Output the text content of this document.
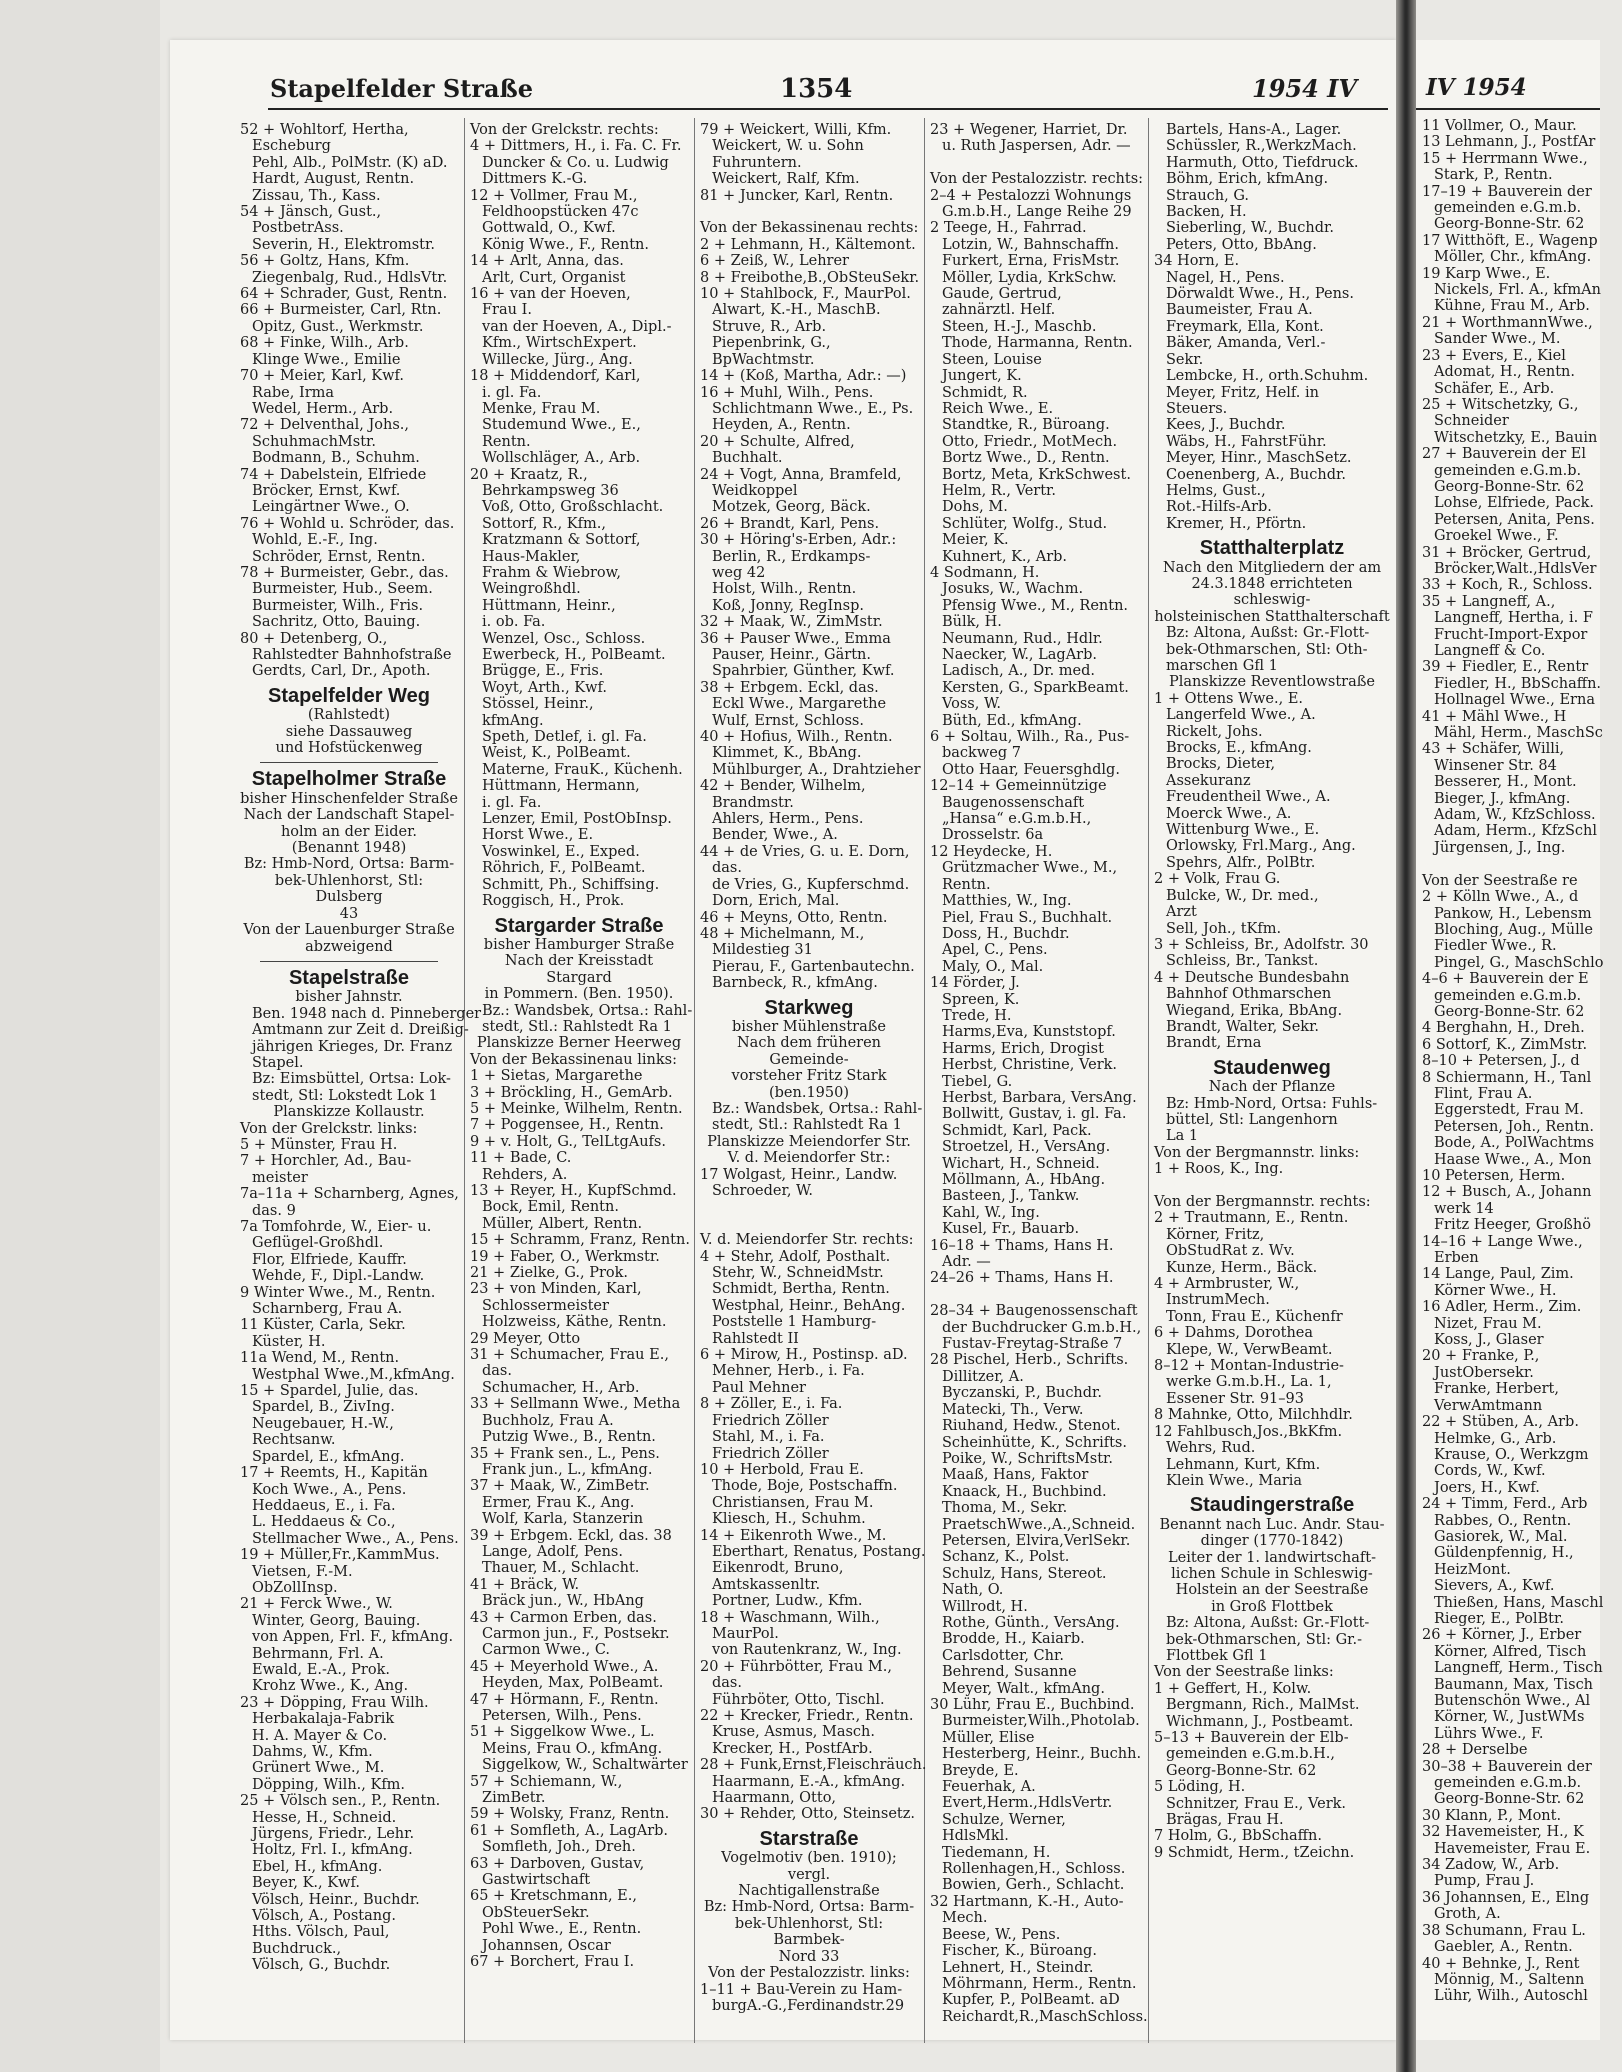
IV 1954
11 Vollmer, O., Maur.
13 Lehmann, J., PostfAr
15 + Herrmann Wwe.,
Stark, P., Rentn.
17–19 + Bauverein der
gemeinden e.G.m.b.
Georg-Bonne-Str. 62
17 Witthöft, E., Wagenp
Möller, Chr., kfmAng.
19 Karp Wwe., E.
Nickels, Frl. A., kfmAn
Kühne, Frau M., Arb.
21 + WorthmannWwe.,
Sander Wwe., M.
23 + Evers, E., Kiel
Adomat, H., Rentn.
Schäfer, E., Arb.
25 + Witschetzky, G.,
Schneider
Witschetzky, E., Bauin
27 + Bauverein der El
gemeinden e.G.m.b.
Georg-Bonne-Str. 62
Lohse, Elfriede, Pack.
Petersen, Anita, Pens.
Groekel Wwe., F.
31 + Bröcker, Gertrud,
Bröcker,Walt.,HdlsVer
33 + Koch, R., Schloss.
35 + Langneff, A.,
Langneff, Hertha, i. F
Frucht-Import-Expor
Langneff & Co.
39 + Fiedler, E., Rentr
Fiedler, H., BbSchaffn.
Hollnagel Wwe., Erna
41 + Mähl Wwe., H
Mähl, Herm., MaschSc
43 + Schäfer, Willi,
Winsener Str. 84
Besserer, H., Mont.
Bieger, J., kfmAng.
Adam, W., KfzSchloss.
Adam, Herm., KfzSchl
Jürgensen, J., Ing.

Von der Seestraße re
2 + Kölln Wwe., A., d
Pankow, H., Lebensm
Bloching, Aug., Mülle
Fiedler Wwe., R.
Pingel, G., MaschSchlo
4–6 + Bauverein der E
gemeinden e.G.m.b.
Georg-Bonne-Str. 62
4 Berghahn, H., Dreh.
6 Sottorf, K., ZimMstr.
8–10 + Petersen, J., d
8 Schiermann, H., Tanl
Flint, Frau A.
Eggerstedt, Frau M.
Petersen, Joh., Rentn.
Bode, A., PolWachtms
Haase Wwe., A., Mon
10 Petersen, Herm.
12 + Busch, A., Johann
werk 14
Fritz Heeger, Großhö
14–16 + Lange Wwe.,
Erben
14 Lange, Paul, Zim.
Körner Wwe., H.
16 Adler, Herm., Zim.
Nizet, Frau M.
Koss, J., Glaser
20 + Franke, P.,
JustObersekr.
Franke, Herbert,
VerwAmtmann
22 + Stüben, A., Arb.
Helmke, G., Arb.
Krause, O., Werkzgm
Cords, W., Kwf.
Joers, H., Kwf.
24 + Timm, Ferd., Arb
Rabbes, O., Rentn.
Gasiorek, W., Mal.
Güldenpfennig, H.,
HeizMont.
Sievers, A., Kwf.
Thießen, Hans, Maschl
Rieger, E., PolBtr.
26 + Körner, J., Erber
Körner, Alfred, Tisch
Langneff, Herm., Tisch
Baumann, Max, Tisch
Butenschön Wwe., Al
Körner, W., JustWMs
Lührs Wwe., F.
28 + Derselbe
30–38 + Bauverein der
gemeinden e.G.m.b.
Georg-Bonne-Str. 62
30 Klann, P., Mont.
32 Havemeister, H., K
Havemeister, Frau E.
34 Zadow, W., Arb.
Pump, Frau J.
36 Johannsen, E., Elng
Groth, A.
38 Schumann, Frau L.
Gaebler, A., Rentn.
40 + Behnke, J., Rent
Mönnig, M., Saltenn
Lühr, Wilh., Autoschl
Stapelfelder Straße	1354	1954 IV
52 + Wohltorf, Hertha,
Escheburg
Pehl, Alb., PolMstr. (K) aD.
Hardt, August, Rentn.
Zissau, Th., Kass.
54 + Jänsch, Gust.,
PostbetrAss.
Severin, H., Elektromstr.
56 + Goltz, Hans, Kfm.
Ziegenbalg, Rud., HdlsVtr.
64 + Schrader, Gust, Rentn.
66 + Burmeister, Carl, Rtn.
Opitz, Gust., Werkmstr.
68 + Finke, Wilh., Arb.
Klinge Wwe., Emilie
70 + Meier, Karl, Kwf.
Rabe, Irma
Wedel, Herm., Arb.
72 + Delventhal, Johs.,
SchuhmachMstr.
Bodmann, B., Schuhm.
74 + Dabelstein, Elfriede
Bröcker, Ernst, Kwf.
Leingärtner Wwe., O.
76 + Wohld u. Schröder, das.
Wohld, E.-F., Ing.
Schröder, Ernst, Rentn.
78 + Burmeister, Gebr., das.
Burmeister, Hub., Seem.
Burmeister, Wilh., Fris.
Sachritz, Otto, Bauing.
80 + Detenberg, O.,
Rahlstedter Bahnhofstraße
Gerdts, Carl, Dr., Apoth.
Stapelfelder Weg
(Rahlstedt)
siehe Dassauweg
und Hofstückenweg
Stapelholmer Straße
bisher Hinschenfelder Straße
Nach der Landschaft Stapel-
holm an der Eider.
(Benannt 1948)
Bz: Hmb-Nord, Ortsa: Barm-
bek-Uhlenhorst, Stl: Dulsberg
43
Von der Lauenburger Straße
abzweigend
Stapelstraße
bisher Jahnstr.
Ben. 1948 nach d. Pinneberger
Amtmann zur Zeit d. Dreißig-
jährigen Krieges, Dr. Franz
Stapel.
Bz: Eimsbüttel, Ortsa: Lok-
stedt, Stl: Lokstedt Lok 1
Planskizze Kollaustr.
Von der Grelckstr. links:
5 + Münster, Frau H.
7 + Horchler, Ad., Bau-
meister
7a–11a + Scharnberg, Agnes,
das. 9
7a Tomfohrde, W., Eier- u.
Geflügel-Großhdl.
Flor, Elfriede, Kauffr.
Wehde, F., Dipl.-Landw.
9 Winter Wwe., M., Rentn.
Scharnberg, Frau A.
11 Küster, Carla, Sekr.
Küster, H.
11a Wend, M., Rentn.
Westphal Wwe.,M.,kfmAng.
15 + Spardel, Julie, das.
Spardel, B., ZivIng.
Neugebauer, H.-W.,
Rechtsanw.
Spardel, E., kfmAng.
17 + Reemts, H., Kapitän
Koch Wwe., A., Pens.
Heddaeus, E., i. Fa.
L. Heddaeus & Co.,
Stellmacher Wwe., A., Pens.
19 + Müller,Fr.,KammMus.
Vietsen, F.-M.
ObZollInsp.
21 + Ferck Wwe., W.
Winter, Georg, Bauing.
von Appen, Frl. F., kfmAng.
Behrmann, Frl. A.
Ewald, E.-A., Prok.
Krohz Wwe., K., Ang.
23 + Döpping, Frau Wilh.
Herbakalaja-Fabrik
H. A. Mayer & Co.
Dahms, W., Kfm.
Grünert Wwe., M.
Döpping, Wilh., Kfm.
25 + Völsch sen., P., Rentn.
Hesse, H., Schneid.
Jürgens, Friedr., Lehr.
Holtz, Frl. I., kfmAng.
Ebel, H., kfmAng.
Beyer, K., Kwf.
Völsch, Heinr., Buchdr.
Völsch, A., Postang.
Hths. Völsch, Paul,
Buchdruck.,
Völsch, G., Buchdr.
Von der Grelckstr. rechts:
4 + Dittmers, H., i. Fa. C. Fr.
Duncker & Co. u. Ludwig
Dittmers K.-G.
12 + Vollmer, Frau M.,
Feldhoopstücken 47c
Gottwald, O., Kwf.
König Wwe., F., Rentn.
14 + Arlt, Anna, das.
Arlt, Curt, Organist
16 + van der Hoeven,
Frau I.
van der Hoeven, A., Dipl.-
Kfm., WirtschExpert.
Willecke, Jürg., Ang.
18 + Middendorf, Karl,
i. gl. Fa.
Menke, Frau M.
Studemund Wwe., E.,
Rentn.
Wollschläger, A., Arb.
20 + Kraatz, R.,
Behrkampsweg 36
Voß, Otto, Großschlacht.
Sottorf, R., Kfm.,
Kratzmann & Sottorf,
Haus-Makler,
Frahm & Wiebrow,
Weingroßhdl.
Hüttmann, Heinr.,
i. ob. Fa.
Wenzel, Osc., Schloss.
Ewerbeck, H., PolBeamt.
Brügge, E., Fris.
Woyt, Arth., Kwf.
Stössel, Heinr.,
kfmAng.
Speth, Detlef, i. gl. Fa.
Weist, K., PolBeamt.
Materne, FrauK., Küchenh.
Hüttmann, Hermann,
i. gl. Fa.
Lenzer, Emil, PostObInsp.
Horst Wwe., E.
Voswinkel, E., Exped.
Röhrich, F., PolBeamt.
Schmitt, Ph., Schiffsing.
Roggisch, H., Prok.
Stargarder Straße
bisher Hamburger Straße
Nach der Kreisstadt Stargard
in Pommern. (Ben. 1950).
Bz.: Wandsbek, Ortsa.: Rahl-
stedt, Stl.: Rahlstedt Ra 1
Planskizze Berner Heerweg
Von der Bekassinenau links:
1 + Sietas, Margarethe
3 + Bröckling, H., GemArb.
5 + Meinke, Wilhelm, Rentn.
7 + Poggensee, H., Rentn.
9 + v. Holt, G., TelLtgAufs.
11 + Bade, C.
Rehders, A.
13 + Reyer, H., KupfSchmd.
Bock, Emil, Rentn.
Müller, Albert, Rentn.
15 + Schramm, Franz, Rentn.
19 + Faber, O., Werkmstr.
21 + Zielke, G., Prok.
23 + von Minden, Karl,
Schlossermeister
Holzweiss, Käthe, Rentn.
29 Meyer, Otto
31 + Schumacher, Frau E.,
das.
Schumacher, H., Arb.
33 + Sellmann Wwe., Metha
Buchholz, Frau A.
Putzig Wwe., B., Rentn.
35 + Frank sen., L., Pens.
Frank jun., L., kfmAng.
37 + Maak, W., ZimBetr.
Ermer, Frau K., Ang.
Wolf, Karla, Stanzerin
39 + Erbgem. Eckl, das. 38
Lange, Adolf, Pens.
Thauer, M., Schlacht.
41 + Bräck, W.
Bräck jun., W., HbAng
43 + Carmon Erben, das.
Carmon jun., F., Postsekr.
Carmon Wwe., C.
45 + Meyerhold Wwe., A.
Heyden, Max, PolBeamt.
47 + Hörmann, F., Rentn.
Petersen, Wilh., Pens.
51 + Siggelkow Wwe., L.
Meins, Frau O., kfmAng.
Siggelkow, W., Schaltwärter
57 + Schiemann, W.,
ZimBetr.
59 + Wolsky, Franz, Rentn.
61 + Somfleth, A., LagArb.
Somfleth, Joh., Dreh.
63 + Darboven, Gustav,
Gastwirtschaft
65 + Kretschmann, E.,
ObSteuerSekr.
Pohl Wwe., E., Rentn.
Johannsen, Oscar
67 + Borchert, Frau I.
79 + Weickert, Willi, Kfm.
Weickert, W. u. Sohn
Fuhruntern.
Weickert, Ralf, Kfm.
81 + Juncker, Karl, Rentn.

Von der Bekassinenau rechts:
2 + Lehmann, H., Kältemont.
6 + Zeiß, W., Lehrer
8 + Freibothe,B.,ObSteuSekr.
10 + Stahlbock, F., MaurPol.
Alwart, K.-H., MaschB.
Struve, R., Arb.
Piepenbrink, G.,
BpWachtmstr.
14 + (Koß, Martha, Adr.: —)
16 + Muhl, Wilh., Pens.
Schlichtmann Wwe., E., Ps.
Heyden, A., Rentn.
20 + Schulte, Alfred,
Buchhalt.
24 + Vogt, Anna, Bramfeld,
Weidkoppel
Motzek, Georg, Bäck.
26 + Brandt, Karl, Pens.
30 + Höring's-Erben, Adr.:
Berlin, R., Erdkamps-
weg 42
Holst, Wilh., Rentn.
Koß, Jonny, RegInsp.
32 + Maak, W., ZimMstr.
36 + Pauser Wwe., Emma
Pauser, Heinr., Gärtn.
Spahrbier, Günther, Kwf.
38 + Erbgem. Eckl, das.
Eckl Wwe., Margarethe
Wulf, Ernst, Schloss.
40 + Hofius, Wilh., Rentn.
Klimmet, K., BbAng.
Mühlburger, A., Drahtzieher
42 + Bender, Wilhelm,
Brandmstr.
Ahlers, Herm., Pens.
Bender, Wwe., A.
44 + de Vries, G. u. E. Dorn,
das.
de Vries, G., Kupferschmd.
Dorn, Erich, Mal.
46 + Meyns, Otto, Rentn.
48 + Michelmann, M.,
Mildestieg 31
Pierau, F., Gartenbautechn.
Barnbeck, R., kfmAng.
Starkweg
bisher Mühlenstraße
Nach dem früheren Gemeinde-
vorsteher Fritz Stark (ben.1950)
Bz.: Wandsbek, Ortsa.: Rahl-
stedt, Stl.: Rahlstedt Ra 1
Planskizze Meiendorfer Str.
V. d. Meiendorfer Str.:
17 Wolgast, Heinr., Landw.
Schroeder, W.

V. d. Meiendorfer Str. rechts:
4 + Stehr, Adolf, Posthalt.
Stehr, W., SchneidMstr.
Schmidt, Bertha, Rentn.
Westphal, Heinr., BehAng.
Poststelle 1 Hamburg-
Rahlstedt II
6 + Mirow, H., Postinsp. aD.
Mehner, Herb., i. Fa.
Paul Mehner
8 + Zöller, E., i. Fa.
Friedrich Zöller
Stahl, M., i. Fa.
Friedrich Zöller
10 + Herbold, Frau E.
Thode, Boje, Postschaffn.
Christiansen, Frau M.
Kliesch, H., Schuhm.
14 + Eikenroth Wwe., M.
Eberthart, Renatus, Postang.
Eikenrodt, Bruno,
Amtskassenltr.
Portner, Ludw., Kfm.
18 + Waschmann, Wilh.,
MaurPol.
von Rautenkranz, W., Ing.
20 + Führbötter, Frau M.,
das.
Führböter, Otto, Tischl.
22 + Krecker, Friedr., Rentn.
Kruse, Asmus, Masch.
Krecker, H., PostfArb.
28 + Funk,Ernst,Fleischräuch.
Haarmann, E.-A., kfmAng.
Haarmann, Otto,
30 + Rehder, Otto, Steinsetz.
Starstraße
Vogelmotiv (ben. 1910); vergl.
Nachtigallenstraße
Bz: Hmb-Nord, Ortsa: Barm-
bek-Uhlenhorst, Stl: Barmbek-
Nord 33
Von der Pestalozzistr. links:
1–11 + Bau-Verein zu Ham-
burgA.-G.,Ferdinandstr.29
23 + Wegener, Harriet, Dr.
u. Ruth Jaspersen, Adr. —

Von der Pestalozzistr. rechts:
2–4 + Pestalozzi Wohnungs
G.m.b.H., Lange Reihe 29
2 Teege, H., Fahrrad.
Lotzin, W., Bahnschaffn.
Furkert, Erna, FrisMstr.
Möller, Lydia, KrkSchw.
Gaude, Gertrud,
zahnärztl. Helf.
Steen, H.-J., Maschb.
Thode, Harmanna, Rentn.
Steen, Louise
Jungert, K.
Schmidt, R.
Reich Wwe., E.
Standtke, R., Büroang.
Otto, Friedr., MotMech.
Bortz Wwe., D., Rentn.
Bortz, Meta, KrkSchwest.
Helm, R., Vertr.
Dohs, M.
Schlüter, Wolfg., Stud.
Meier, K.
Kuhnert, K., Arb.
4 Sodmann, H.
Josuks, W., Wachm.
Pfensig Wwe., M., Rentn.
Bülk, H.
Neumann, Rud., Hdlr.
Naecker, W., LagArb.
Ladisch, A., Dr. med.
Kersten, G., SparkBeamt.
Voss, W.
Büth, Ed., kfmAng.
6 + Soltau, Wilh., Ra., Pus-
backweg 7
Otto Haar, Feuersghdlg.
12–14 + Gemeinnützige
Baugenossenschaft
„Hansa“ e.G.m.b.H.,
Drosselstr. 6a
12 Heydecke, H.
Grützmacher Wwe., M.,
Rentn.
Matthies, W., Ing.
Piel, Frau S., Buchhalt.
Doss, H., Buchdr.
Apel, C., Pens.
Maly, O., Mal.
14 Förder, J.
Spreen, K.
Trede, H.
Harms,Eva, Kunststopf.
Harms, Erich, Drogist
Herbst, Christine, Verk.
Tiebel, G.
Herbst, Barbara, VersAng.
Bollwitt, Gustav, i. gl. Fa.
Schmidt, Karl, Pack.
Stroetzel, H., VersAng.
Wichart, H., Schneid.
Möllmann, A., HbAng.
Basteen, J., Tankw.
Kahl, W., Ing.
Kusel, Fr., Bauarb.
16–18 + Thams, Hans H.
Adr. —
24–26 + Thams, Hans H.

28–34 + Baugenossenschaft
der Buchdrucker G.m.b.H.,
Fustav-Freytag-Straße 7
28 Pischel, Herb., Schrifts.
Dillitzer, A.
Byczanski, P., Buchdr.
Matecki, Th., Verw.
Riuhand, Hedw., Stenot.
Scheinhütte, K., Schrifts.
Poike, W., SchriftsMstr.
Maaß, Hans, Faktor
Knaack, H., Buchbind.
Thoma, M., Sekr.
PraetschWwe.,A.,Schneid.
Petersen, Elvira,VerlSekr.
Schanz, K., Polst.
Schulz, Hans, Stereot.
Nath, O.
Willrodt, H.
Rothe, Günth., VersAng.
Brodde, H., Kaiarb.
Carlsdotter, Chr.
Behrend, Susanne
Meyer, Walt., kfmAng.
30 Lühr, Frau E., Buchbind.
Burmeister,Wilh.,Photolab.
Müller, Elise
Hesterberg, Heinr., Buchh.
Breyde, E.
Feuerhak, A.
Evert,Herm.,HdlsVertr.
Schulze, Werner,
HdlsMkl.
Tiedemann, H.
Rollenhagen,H., Schloss.
Bowien, Gerh., Schlacht.
32 Hartmann, K.-H., Auto-
Mech.
Beese, W., Pens.
Fischer, K., Büroang.
Lehnert, H., Steindr.
Möhrmann, Herm., Rentn.
Kupfer, P., PolBeamt. aD
Reichardt,R.,MaschSchloss.
Bartels, Hans-A., Lager.
Schüssler, R.,WerkzMach.
Harmuth, Otto, Tiefdruck.
Böhm, Erich, kfmAng.
Strauch, G.
Backen, H.
Sieberling, W., Buchdr.
Peters, Otto, BbAng.
34 Horn, E.
Nagel, H., Pens.
Dörwaldt Wwe., H., Pens.
Baumeister, Frau A.
Freymark, Ella, Kont.
Bäker, Amanda, Verl.-
Sekr.
Lembcke, H., orth.Schuhm.
Meyer, Fritz, Helf. in
Steuers.
Kees, J., Buchdr.
Wäbs, H., FahrstFühr.
Meyer, Hinr., MaschSetz.
Coenenberg, A., Buchdr.
Helms, Gust.,
Rot.-Hilfs-Arb.
Kremer, H., Pförtn.
Statthalterplatz
Nach den Mitgliedern der am
24.3.1848 errichteten schleswig-
holsteinischen Statthalterschaft
Bz: Altona, Außst: Gr.-Flott-
bek-Othmarschen, Stl: Oth-
marschen Gfl 1
Planskizze Reventlowstraße
1 + Ottens Wwe., E.
Langerfeld Wwe., A.
Rickelt, Johs.
Brocks, E., kfmAng.
Brocks, Dieter,
Assekuranz
Freudentheil Wwe., A.
Moerck Wwe., A.
Wittenburg Wwe., E.
Orlowsky, Frl.Marg., Ang.
Spehrs, Alfr., PolBtr.
2 + Volk, Frau G.
Bulcke, W., Dr. med.,
Arzt
Sell, Joh., tKfm.
3 + Schleiss, Br., Adolfstr. 30
Schleiss, Br., Tankst.
4 + Deutsche Bundesbahn
Bahnhof Othmarschen
Wiegand, Erika, BbAng.
Brandt, Walter, Sekr.
Brandt, Erna
Staudenweg
Nach der Pflanze
Bz: Hmb-Nord, Ortsa: Fuhls-
büttel, Stl: Langenhorn
La 1
Von der Bergmannstr. links:
1 + Roos, K., Ing.

Von der Bergmannstr. rechts:
2 + Trautmann, E., Rentn.
Körner, Fritz,
ObStudRat z. Wv.
Kunze, Herm., Bäck.
4 + Armbruster, W.,
InstrumMech.
Tonn, Frau E., Küchenfr
6 + Dahms, Dorothea
Klepe, W., VerwBeamt.
8–12 + Montan-Industrie-
werke G.m.b.H., La. 1,
Essener Str. 91–93
8 Mahnke, Otto, Milchhdlr.
12 Fahlbusch,Jos.,BkKfm.
Wehrs, Rud.
Lehmann, Kurt, Kfm.
Klein Wwe., Maria
Staudingerstraße
Benannt nach Luc. Andr. Stau-
dinger (1770-1842)
Leiter der 1. landwirtschaft-
lichen Schule in Schleswig-
Holstein an der Seestraße
in Groß Flottbek
Bz: Altona, Außst: Gr.-Flott-
bek-Othmarschen, Stl: Gr.-
Flottbek Gfl 1
Von der Seestraße links:
1 + Geffert, H., Kolw.
Bergmann, Rich., MalMst.
Wichmann, J., Postbeamt.
5–13 + Bauverein der Elb-
gemeinden e.G.m.b.H.,
Georg-Bonne-Str. 62
5 Löding, H.
Schnitzer, Frau E., Verk.
Brägas, Frau H.
7 Holm, G., BbSchaffn.
9 Schmidt, Herm., tZeichn.
